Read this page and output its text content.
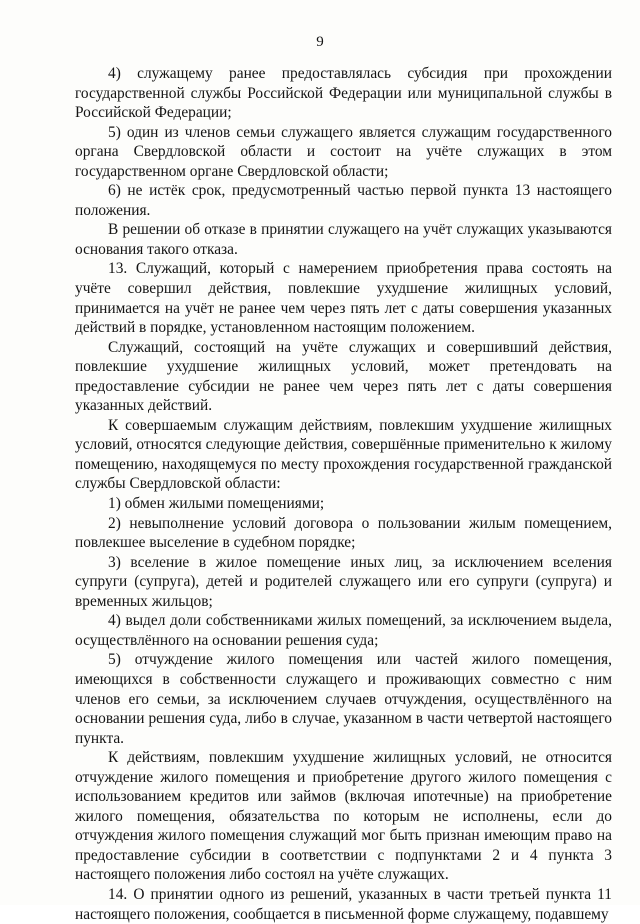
9

4) служащему ранее предоставлялась субсидия при прохождении государственной службы Российской Федерации или муниципальной службы в Российской Федерации;

5) один из членов семьи служащего является служащим государственного органа Свердловской области и состоит на учёте служащих в этом государственном органе Свердловской области;

6) не истёк срок, предусмотренный частью первой пункта 13 настоящего положения.

В решении об отказе в принятии служащего на учёт служащих указываются основания такого отказа.

13. Служащий, который с намерением приобретения права состоять на учёте совершил действия, повлекшие ухудшение жилищных условий, принимается на учёт не ранее чем через пять лет с даты совершения указанных действий в порядке, установленном настоящим положением.

Служащий, состоящий на учёте служащих и совершивший действия, повлекшие ухудшение жилищных условий, может претендовать на предоставление субсидии не ранее чем через пять лет с даты совершения указанных действий.

К совершаемым служащим действиям, повлекшим ухудшение жилищных условий, относятся следующие действия, совершённые применительно к жилому помещению, находящемуся по месту прохождения государственной гражданской службы Свердловской области:

1) обмен жилыми помещениями;

2) невыполнение условий договора о пользовании жилым помещением, повлекшее выселение в судебном порядке;

3) вселение в жилое помещение иных лиц, за исключением вселения супруги (супруга), детей и родителей служащего или его супруги (супруга) и временных жильцов;

4) выдел доли собственниками жилых помещений, за исключением выдела, осуществлённого на основании решения суда;

5) отчуждение жилого помещения или частей жилого помещения, имеющихся в собственности служащего и проживающих совместно с ним членов его семьи, за исключением случаев отчуждения, осуществлённого на основании решения суда, либо в случае, указанном в части четвертой настоящего пункта.

К действиям, повлекшим ухудшение жилищных условий, не относится отчуждение жилого помещения и приобретение другого жилого помещения с использованием кредитов или займов (включая ипотечные) на приобретение жилого помещения, обязательства по которым не исполнены, если до отчуждения жилого помещения служащий мог быть признан имеющим право на предоставление субсидии в соответствии с подпунктами 2 и 4 пункта 3 настоящего положения либо состоял на учёте служащих.

14. О принятии одного из решений, указанных в части третьей пункта 11 настоящего положения, сообщается в письменной форме служащему, подавшему
